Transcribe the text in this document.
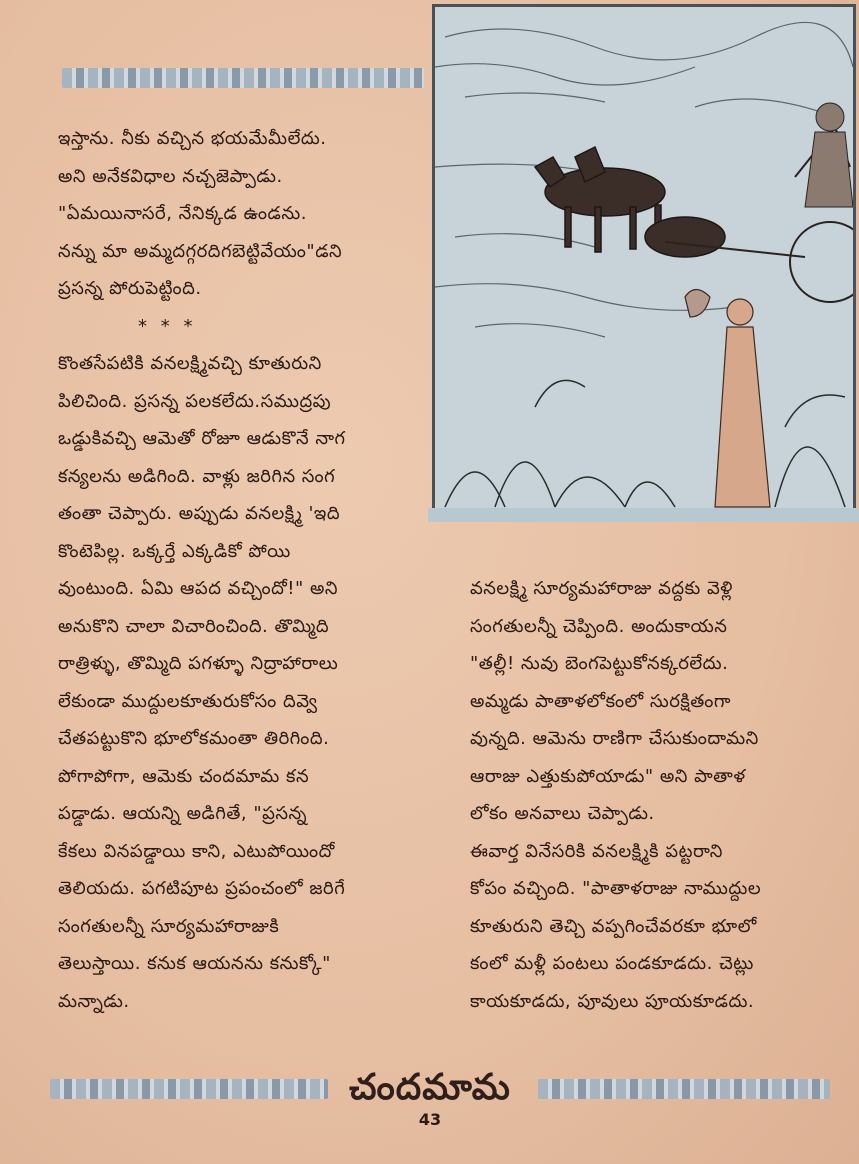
ఇస్తాను. నీకు వచ్చిన భయమేమీలేదు.
అని అనేకవిధాల నచ్చజెప్పాడు.
"ఏమయినాసరే, నేనిక్కడ ఉండను.
నన్ను మా అమ్మదగ్గరదిగబెట్టివేయం"డని
ప్రసన్న పోరుపెట్టింది.
* * *
కొంతసేపటికి వనలక్ష్మివచ్చి కూతురుని
పిలిచింది. ప్రసన్న పలకలేదు.సముద్రపు
ఒడ్డుకివచ్చి ఆమెతో రోజూ ఆడుకొనే నాగ
కన్యలను అడిగింది. వాళ్లు జరిగిన సంగ
తంతా చెప్పారు. అప్పుడు వనలక్ష్మి 'ఇది
కొంటెపిల్ల. ఒక్కర్తే ఎక్కడికో పోయి
వుంటుంది. ఏమి ఆపద వచ్చిందో!" అని
అనుకొని చాలా విచారించింది. తొమ్మిది
రాత్రిళ్ళు, తొమ్మిది పగళ్ళూ నిద్రాహారాలు
లేకుండా ముద్దులకూతురుకోసం దివ్వె
చేతపట్టుకొని భూలోకమంతా తిరిగింది.
పోగాపోగా, ఆమెకు చందమామ కన
పడ్డాడు. ఆయన్ని అడిగితే, "ప్రసన్న
కేకలు వినపడ్డాయి కాని, ఎటుపోయిందో
తెలియదు. పగటిపూట ప్రపంచంలో జరిగే
సంగతులన్నీ సూర్యమహారాజుకి
తెలుస్తాయి. కనుక ఆయనను కనుక్కో"
మన్నాడు.
వనలక్ష్మి సూర్యమహారాజు వద్దకు వెళ్లి
సంగతులన్నీ చెప్పింది. అందుకాయన
"తల్లీ! నువు బెంగపెట్టుకోనక్కరలేదు.
అమ్మడు పాతాళలోకంలో సురక్షితంగా
వున్నది. ఆమెను రాణిగా చేసుకుందామని
ఆరాజు ఎత్తుకుపోయాడు" అని పాతాళ
లోకం అనవాలు చెప్పాడు.
ఈవార్త వినేసరికి వనలక్ష్మికి పట్టరాని
కోపం వచ్చింది. "పాతాళరాజు నాముద్దుల
కూతురుని తెచ్చి వప్పగించేవరకూ భూలో
కంలో మళ్లీ పంటలు పండకూడదు. చెట్లు
కాయకూడదు, పూవులు పూయకూడదు.
చందమామ
43
